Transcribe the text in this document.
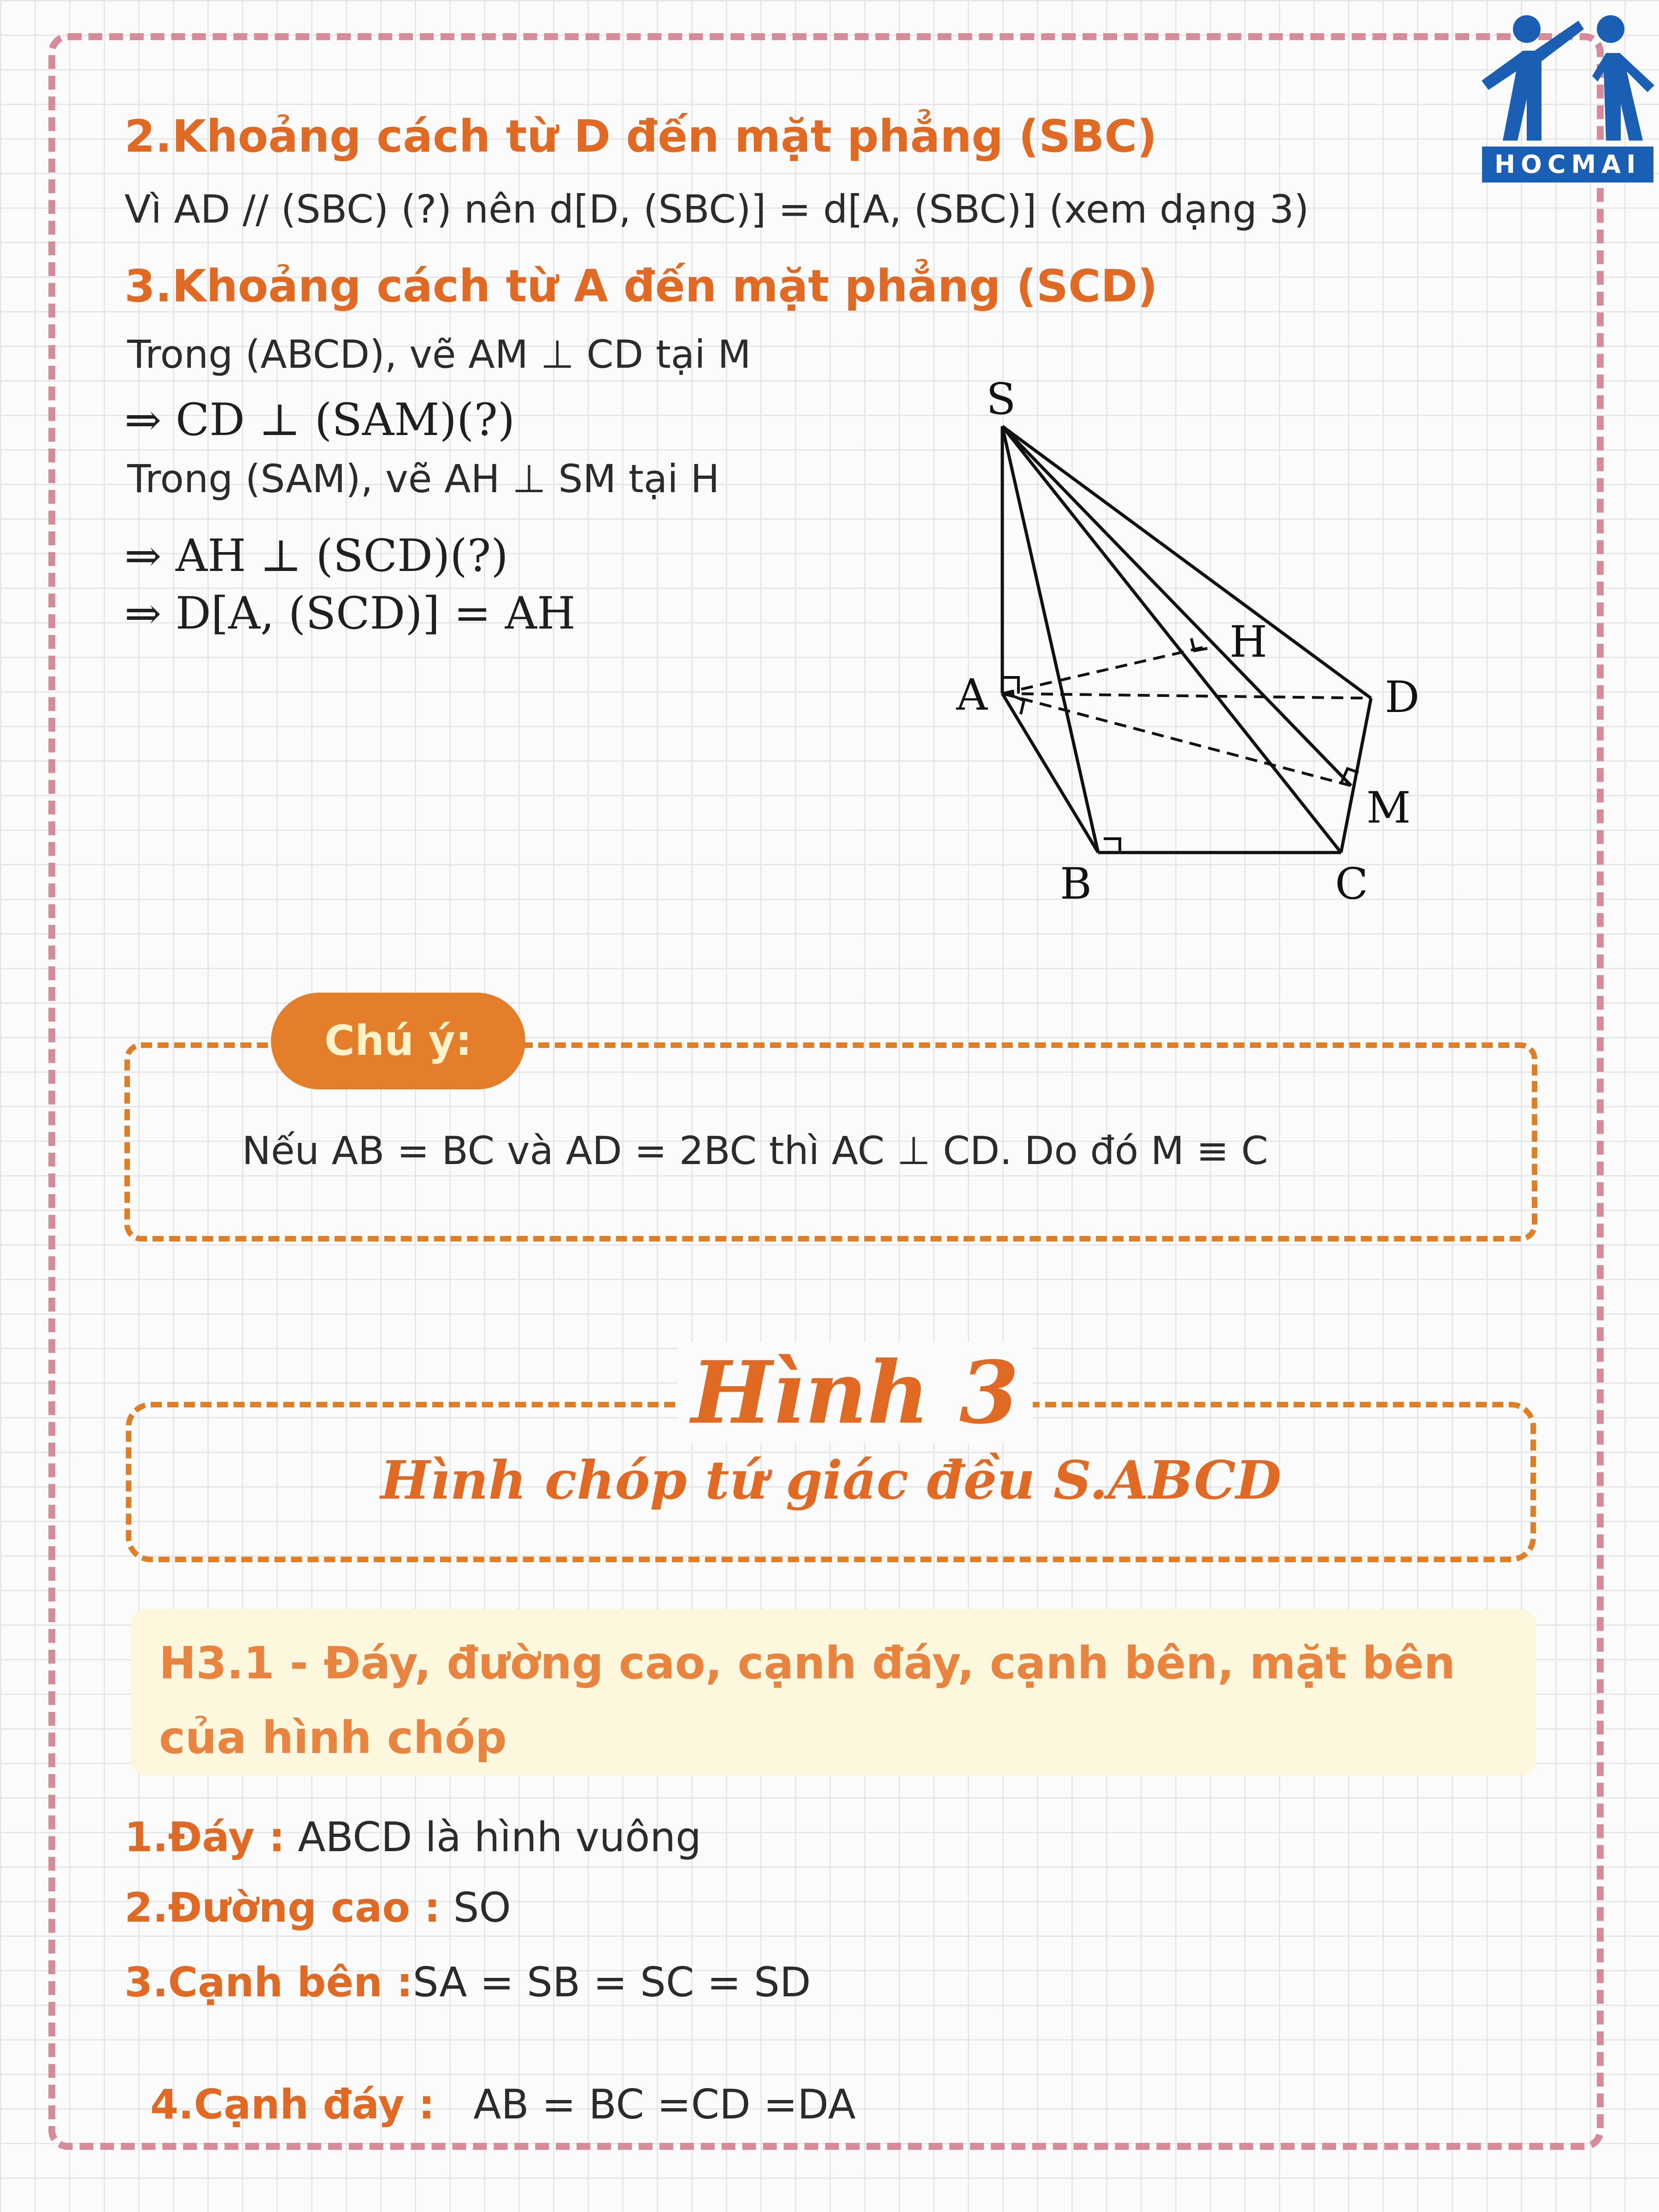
HOCMAI
2.Khoảng cách từ D đến mặt phẳng (SBC)
Vì AD // (SBC) (?) nên d[D, (SBC)] = d[A, (SBC)] (xem dạng 3)
3.Khoảng cách từ A đến mặt phẳng (SCD)
Trong (ABCD), vẽ AM ⊥ CD tại M
⇒ CD ⊥ (SAM)(?)
Trong (SAM), vẽ AH ⊥ SM tại H
⇒ AH ⊥ (SCD)(?)
⇒ D[A, (SCD)] = AH
S
A
B	C
D
H
M
Chú ý:
Nếu AB = BC và AD = 2BC thì AC ⊥ CD. Do đó M ≡ C
Hình 3
Hình chóp tứ giác đều S.ABCD
H3.1 - Đáy, đường cao, cạnh đáy, cạnh bên, mặt bên của hình chóp
1.Đáy : ABCD là hình vuông
2.Đường cao : SO
3.Cạnh bên :SA = SB = SC = SD

4.Cạnh đáy :   AB = BC =CD =DA
